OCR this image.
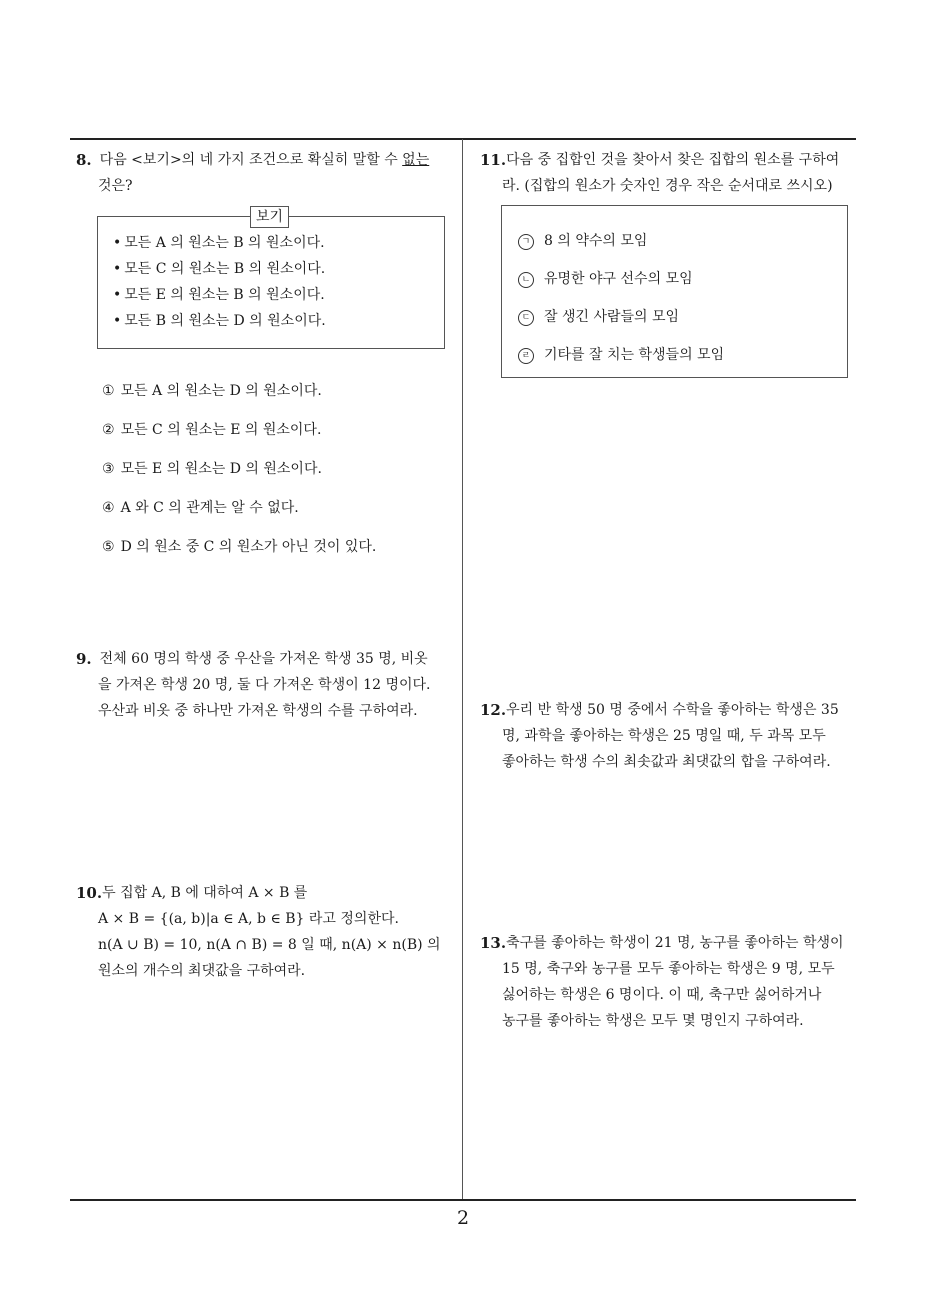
8. 다음 <보기>의 네 가지 조건으로 확실히 말할 수 없는
것은?
보기
• 모든 A 의 원소는 B 의 원소이다.
• 모든 C 의 원소는 B 의 원소이다.
• 모든 E 의 원소는 B 의 원소이다.
• 모든 B 의 원소는 D 의 원소이다.
① 모든 A 의 원소는 D 의 원소이다.
② 모든 C 의 원소는 E 의 원소이다.
③ 모든 E 의 원소는 D 의 원소이다.
④ A 와 C 의 관계는 알 수 없다.
⑤ D 의 원소 중 C 의 원소가 아닌 것이 있다.
9. 전체 60 명의 학생 중 우산을 가져온 학생 35 명, 비옷
을 가져온 학생 20 명, 둘 다 가져온 학생이 12 명이다.
우산과 비옷 중 하나만 가져온 학생의 수를 구하여라.
10. 두 집합 A, B 에 대하여 A × B 를
A × B = {(a, b)|a ∈ A, b ∈ B} 라고 정의한다.
n(A ∪ B) = 10, n(A ∩ B) = 8 일 때, n(A) × n(B) 의
원소의 개수의 최댓값을 구하여라.
11. 다음 중 집합인 것을 찾아서 찾은 집합의 원소를 구하여
라. (집합의 원소가 숫자인 경우 작은 순서대로 쓰시오)
ㄱ 8 의 약수의 모임
ㄴ 유명한 야구 선수의 모임
ㄷ 잘 생긴 사람들의 모임
ㄹ 기타를 잘 치는 학생들의 모임
12. 우리 반 학생 50 명 중에서 수학을 좋아하는 학생은 35
명, 과학을 좋아하는 학생은 25 명일 때, 두 과목 모두
좋아하는 학생 수의 최솟값과 최댓값의 합을 구하여라.
13. 축구를 좋아하는 학생이 21 명, 농구를 좋아하는 학생이
15 명, 축구와 농구를 모두 좋아하는 학생은 9 명, 모두
싫어하는 학생은 6 명이다. 이 때, 축구만 싫어하거나
농구를 좋아하는 학생은 모두 몇 명인지 구하여라.
2
